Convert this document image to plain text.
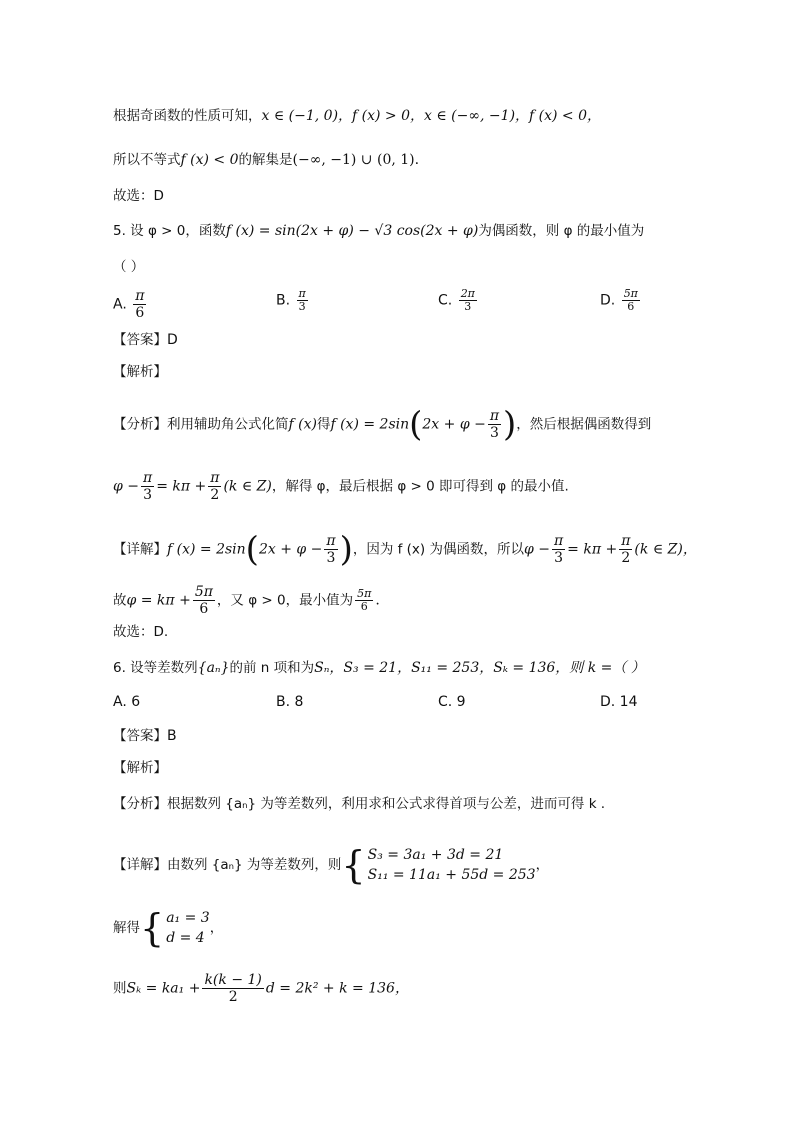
根据奇函数的性质可知，x ∈ (−1, 0)，f (x) > 0，x ∈ (−∞, −1)，f (x) < 0，
所以不等式f (x) < 0的解集是(−∞, −1) ∪ (0, 1).
故选：D
5. 设 φ > 0，函数f (x) = sin(2x + φ) − √3 cos(2x + φ)为偶函数，则 φ 的最小值为
（ ）
A. $\frac{\pi}{6}$	B. $\frac{\pi}{3}$	C. $\frac{2\pi}{3}$	D. $\frac{5\pi}{6}$
【答案】D
【解析】
【分析】利用辅助角公式化简f (x)得f $(x) = 2\sin(2x + \varphi - \frac{\pi}{3}$ )，然后根据偶函数得到
$\varphi - \frac{\pi}{3} = k\pi + \frac{\pi}{2} (k$ ∈ Z)，解得 φ，最后根据 φ > 0 即可得到 φ 的最小值.
【详解】f $(x) = 2\sin(2x + \varphi - \frac{\pi}{3}$ )，因为 f (x) 为偶函数，所以$\varphi - \frac{\pi}{3} = k\pi + \frac{\pi}{2} (k$ ∈ Z)，
故$\varphi = k\pi + \frac{5\pi}{6}$ ，又 φ > 0，最小值为 $\frac{5\pi}{6}$ .
故选：D.
6. 设等差数列{aₙ}的前 n 项和为Sₙ，S₃ = 21，S₁₁ = 253，Sₖ = 136，则 k =（ ）
A. 6	B. 8	C. 9	D. 14
【答案】B
【解析】
【分析】根据数列 {aₙ} 为等差数列，利用求和公式求得首项与公差，进而可得 k .
【详解】由数列 {aₙ} 为等差数列，则{ S₃ = 3a₁ + 3d = 21
S₁₁ = 11a₁ + 55d = 253
，
解得{ a₁ = 3
d = 4
，
则$S_k = ka_1 + \frac{k(k - 1)}{2}$ d = 2k² + k = 136，
